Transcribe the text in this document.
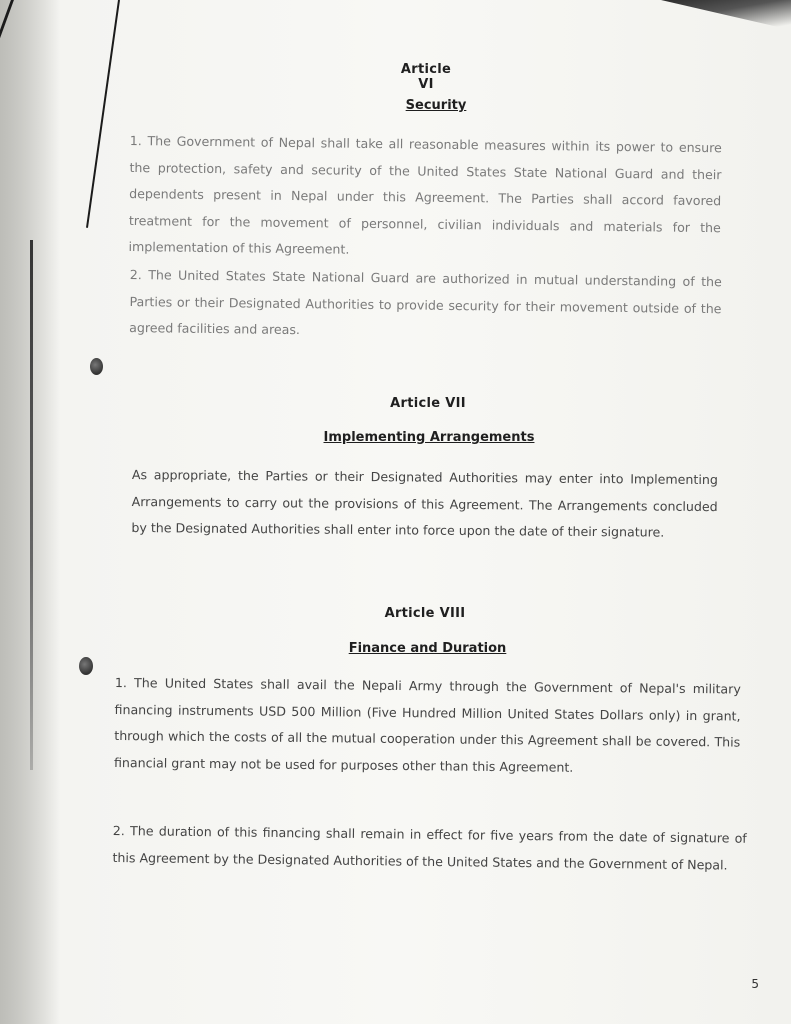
Article VI
Security
1. The Government of Nepal shall take all reasonable measures within its power to ensure the protection, safety and security of the United States State National Guard and their dependents present in Nepal under this Agreement. The Parties shall accord favored treatment for the movement of personnel, civilian individuals and materials for the implementation of this Agreement.
2. The United States State National Guard are authorized in mutual understanding of the Parties or their Designated Authorities to provide security for their movement outside of the agreed facilities and areas.
Article VII
Implementing Arrangements
As appropriate, the Parties or their Designated Authorities may enter into Implementing Arrangements to carry out the provisions of this Agreement. The Arrangements concluded by the Designated Authorities shall enter into force upon the date of their signature.
Article VIII
Finance and Duration
1. The United States shall avail the Nepali Army through the Government of Nepal's military financing instruments USD 500 Million (Five Hundred Million United States Dollars only) in grant, through which the costs of all the mutual cooperation under this Agreement shall be covered. This financial grant may not be used for purposes other than this Agreement.
2. The duration of this financing shall remain in effect for five years from the date of signature of this Agreement by the Designated Authorities of the United States and the Government of Nepal.
5
